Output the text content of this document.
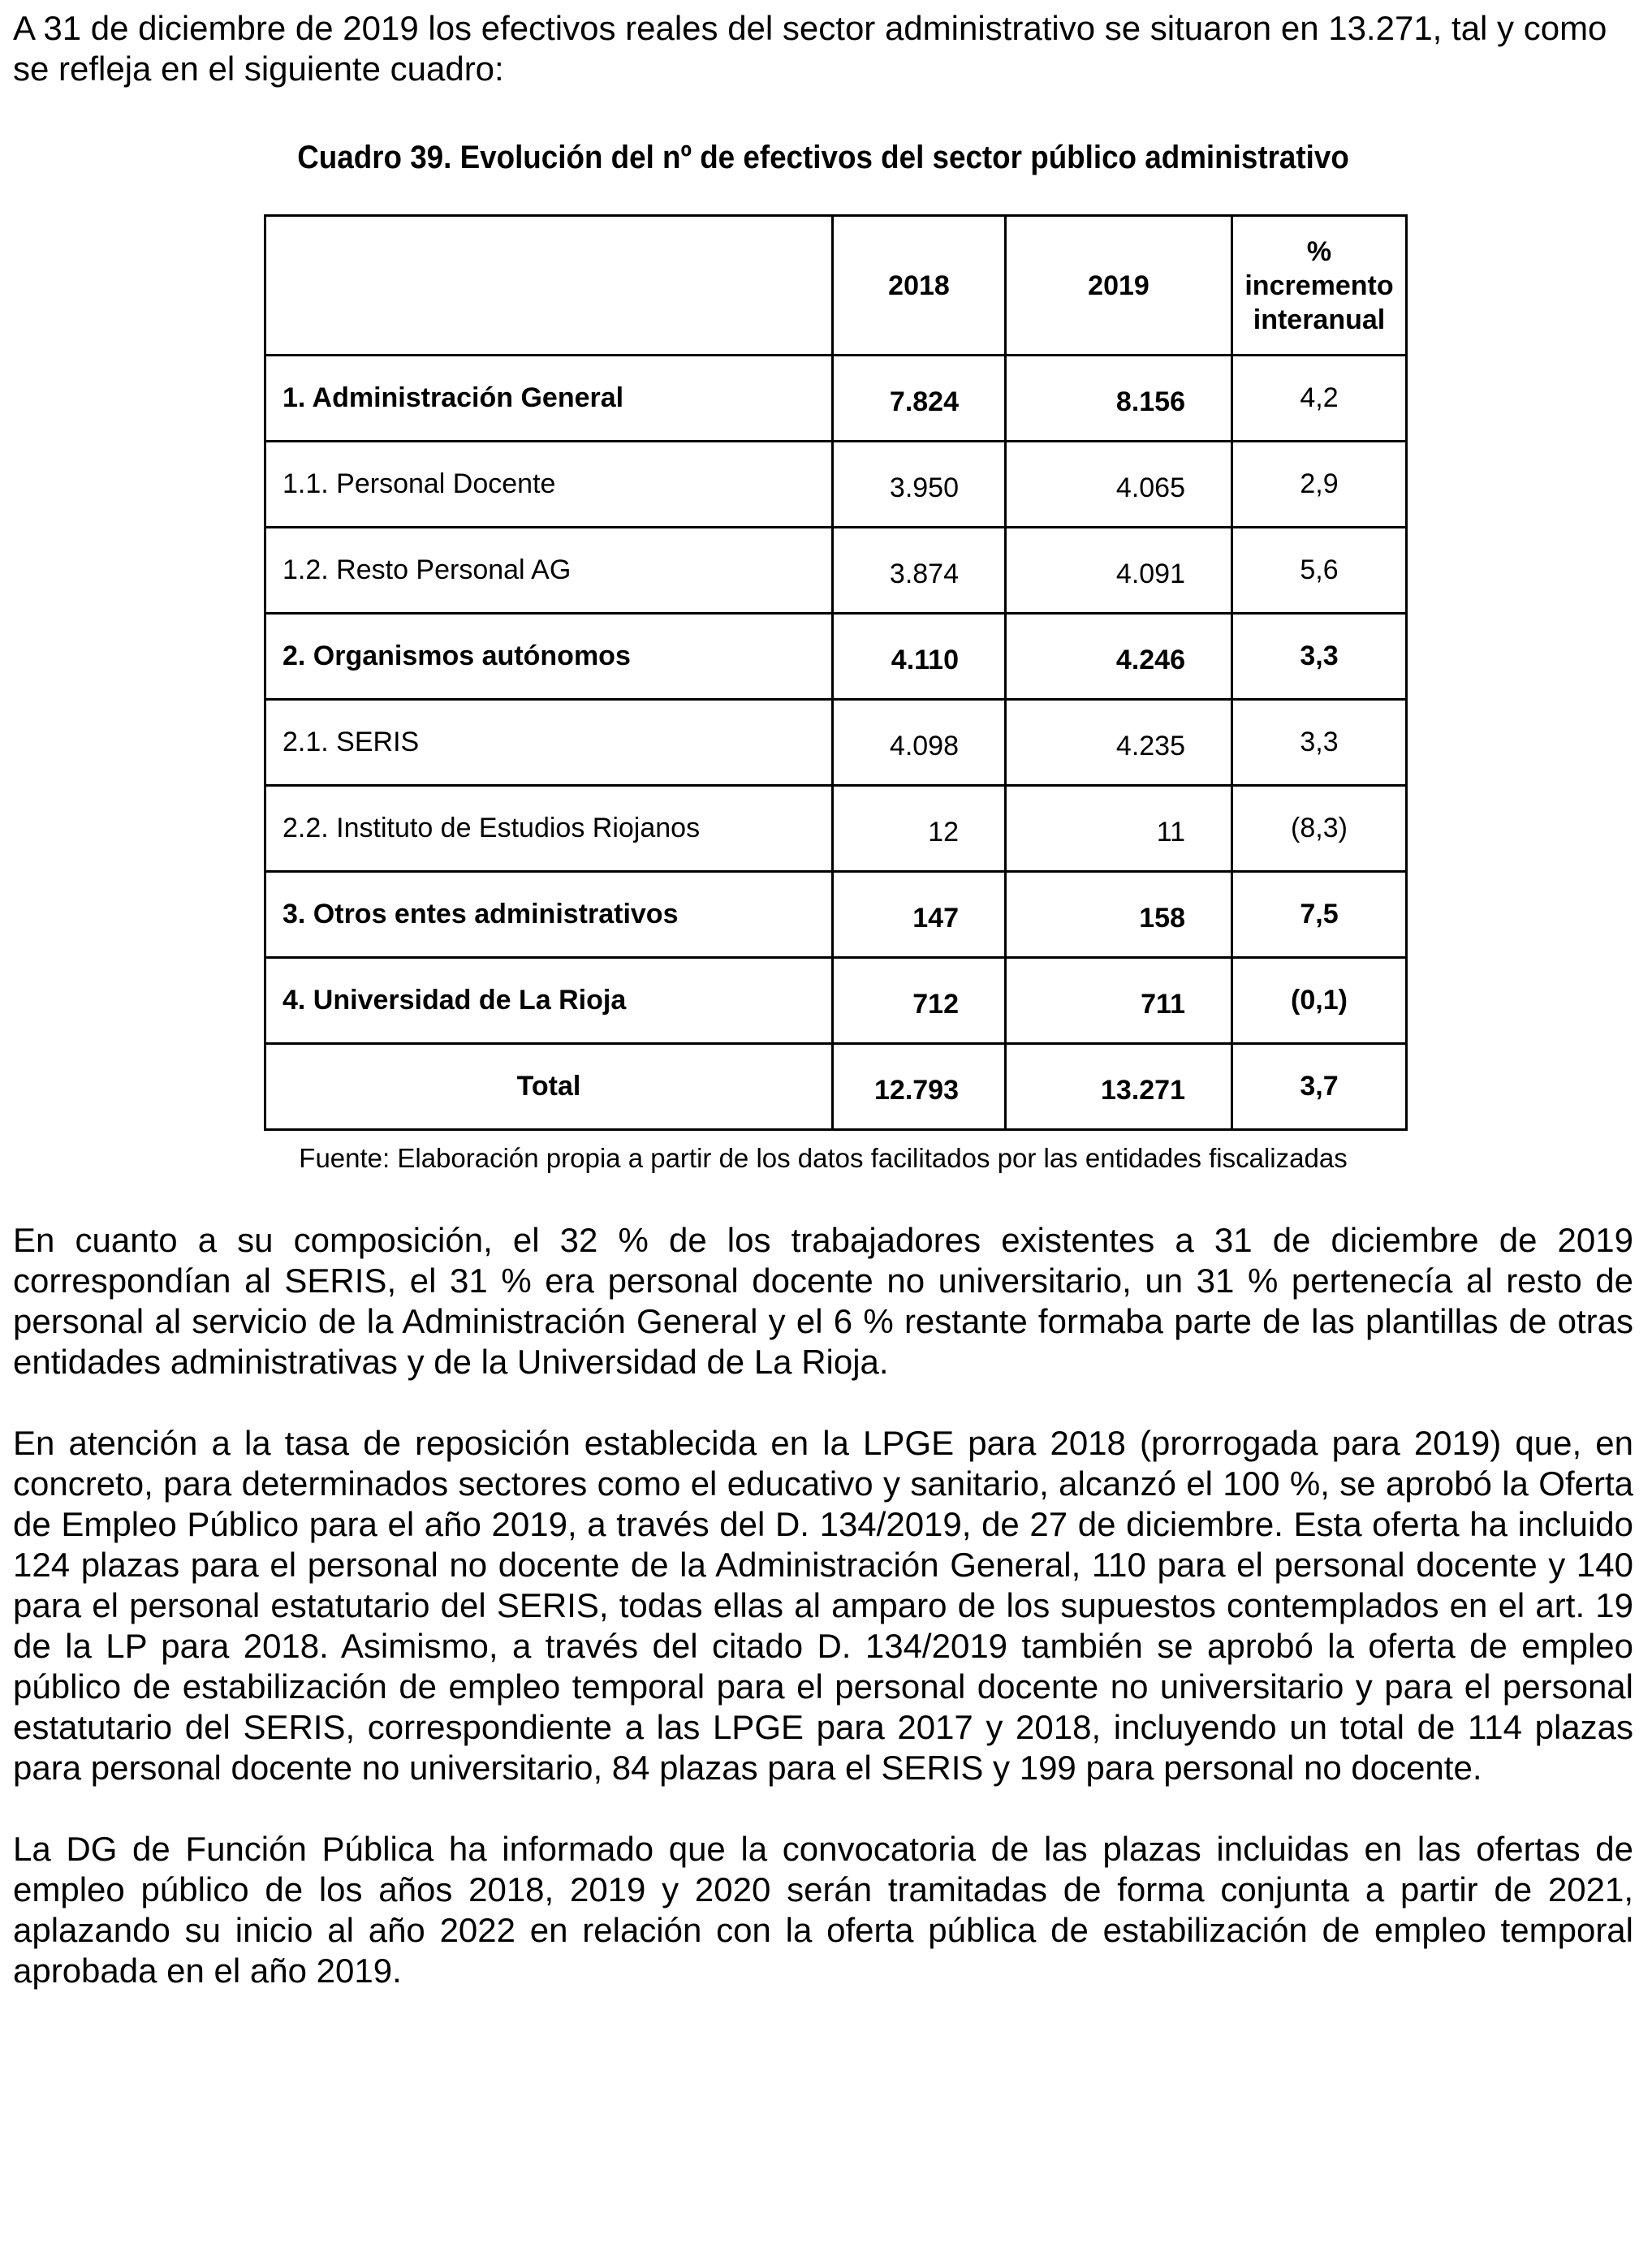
A 31 de diciembre de 2019 los efectivos reales del sector administrativo se situaron en 13.271, tal y como se refleja en el siguiente cuadro:

Cuadro 39. Evolución del nº de efectivos del sector público administrativo
	2018	2019	%
incremento
interanual
1. Administración General	7.824	8.156	4,2
1.1. Personal Docente	3.950	4.065	2,9
1.2. Resto Personal AG	3.874	4.091	5,6
2. Organismos autónomos	4.110	4.246	3,3
2.1. SERIS	4.098	4.235	3,3
2.2. Instituto de Estudios Riojanos	12	11	(8,3)
3. Otros entes administrativos	147	158	7,5
4. Universidad de La Rioja	712	711	(0,1)
Total	12.793	13.271	3,7
Fuente: Elaboración propia a partir de los datos facilitados por las entidades fiscalizadas

En cuanto a su composición, el 32 % de los trabajadores existentes a 31 de diciembre de 2019 correspondían al SERIS, el 31 % era personal docente no universitario, un 31 % pertenecía al resto de personal al servicio de la Administración General y el 6 % restante formaba parte de las plantillas de otras entidades administrativas y de la Universidad de La Rioja.

En atención a la tasa de reposición establecida en la LPGE para 2018 (prorrogada para 2019) que, en concreto, para determinados sectores como el educativo y sanitario, alcanzó el 100 %, se aprobó la Oferta de Empleo Público para el año 2019, a través del D. 134/2019, de 27 de diciembre. Esta oferta ha incluido 124 plazas para el personal no docente de la Administración General, 110 para el personal docente y 140 para el personal estatutario del SERIS, todas ellas al amparo de los supuestos contemplados en el art. 19 de la LP para 2018. Asimismo, a través del citado D. 134/2019 también se aprobó la oferta de empleo público de estabilización de empleo temporal para el personal docente no universitario y para el personal estatutario del SERIS, correspondiente a las LPGE para 2017 y 2018, incluyendo un total de 114 plazas para personal docente no universitario, 84 plazas para el SERIS y 199 para personal no docente.

La DG de Función Pública ha informado que la convocatoria de las plazas incluidas en las ofertas de empleo público de los años 2018, 2019 y 2020 serán tramitadas de forma conjunta a partir de 2021, aplazando su inicio al año 2022 en relación con la oferta pública de estabilización de empleo temporal aprobada en el año 2019.
